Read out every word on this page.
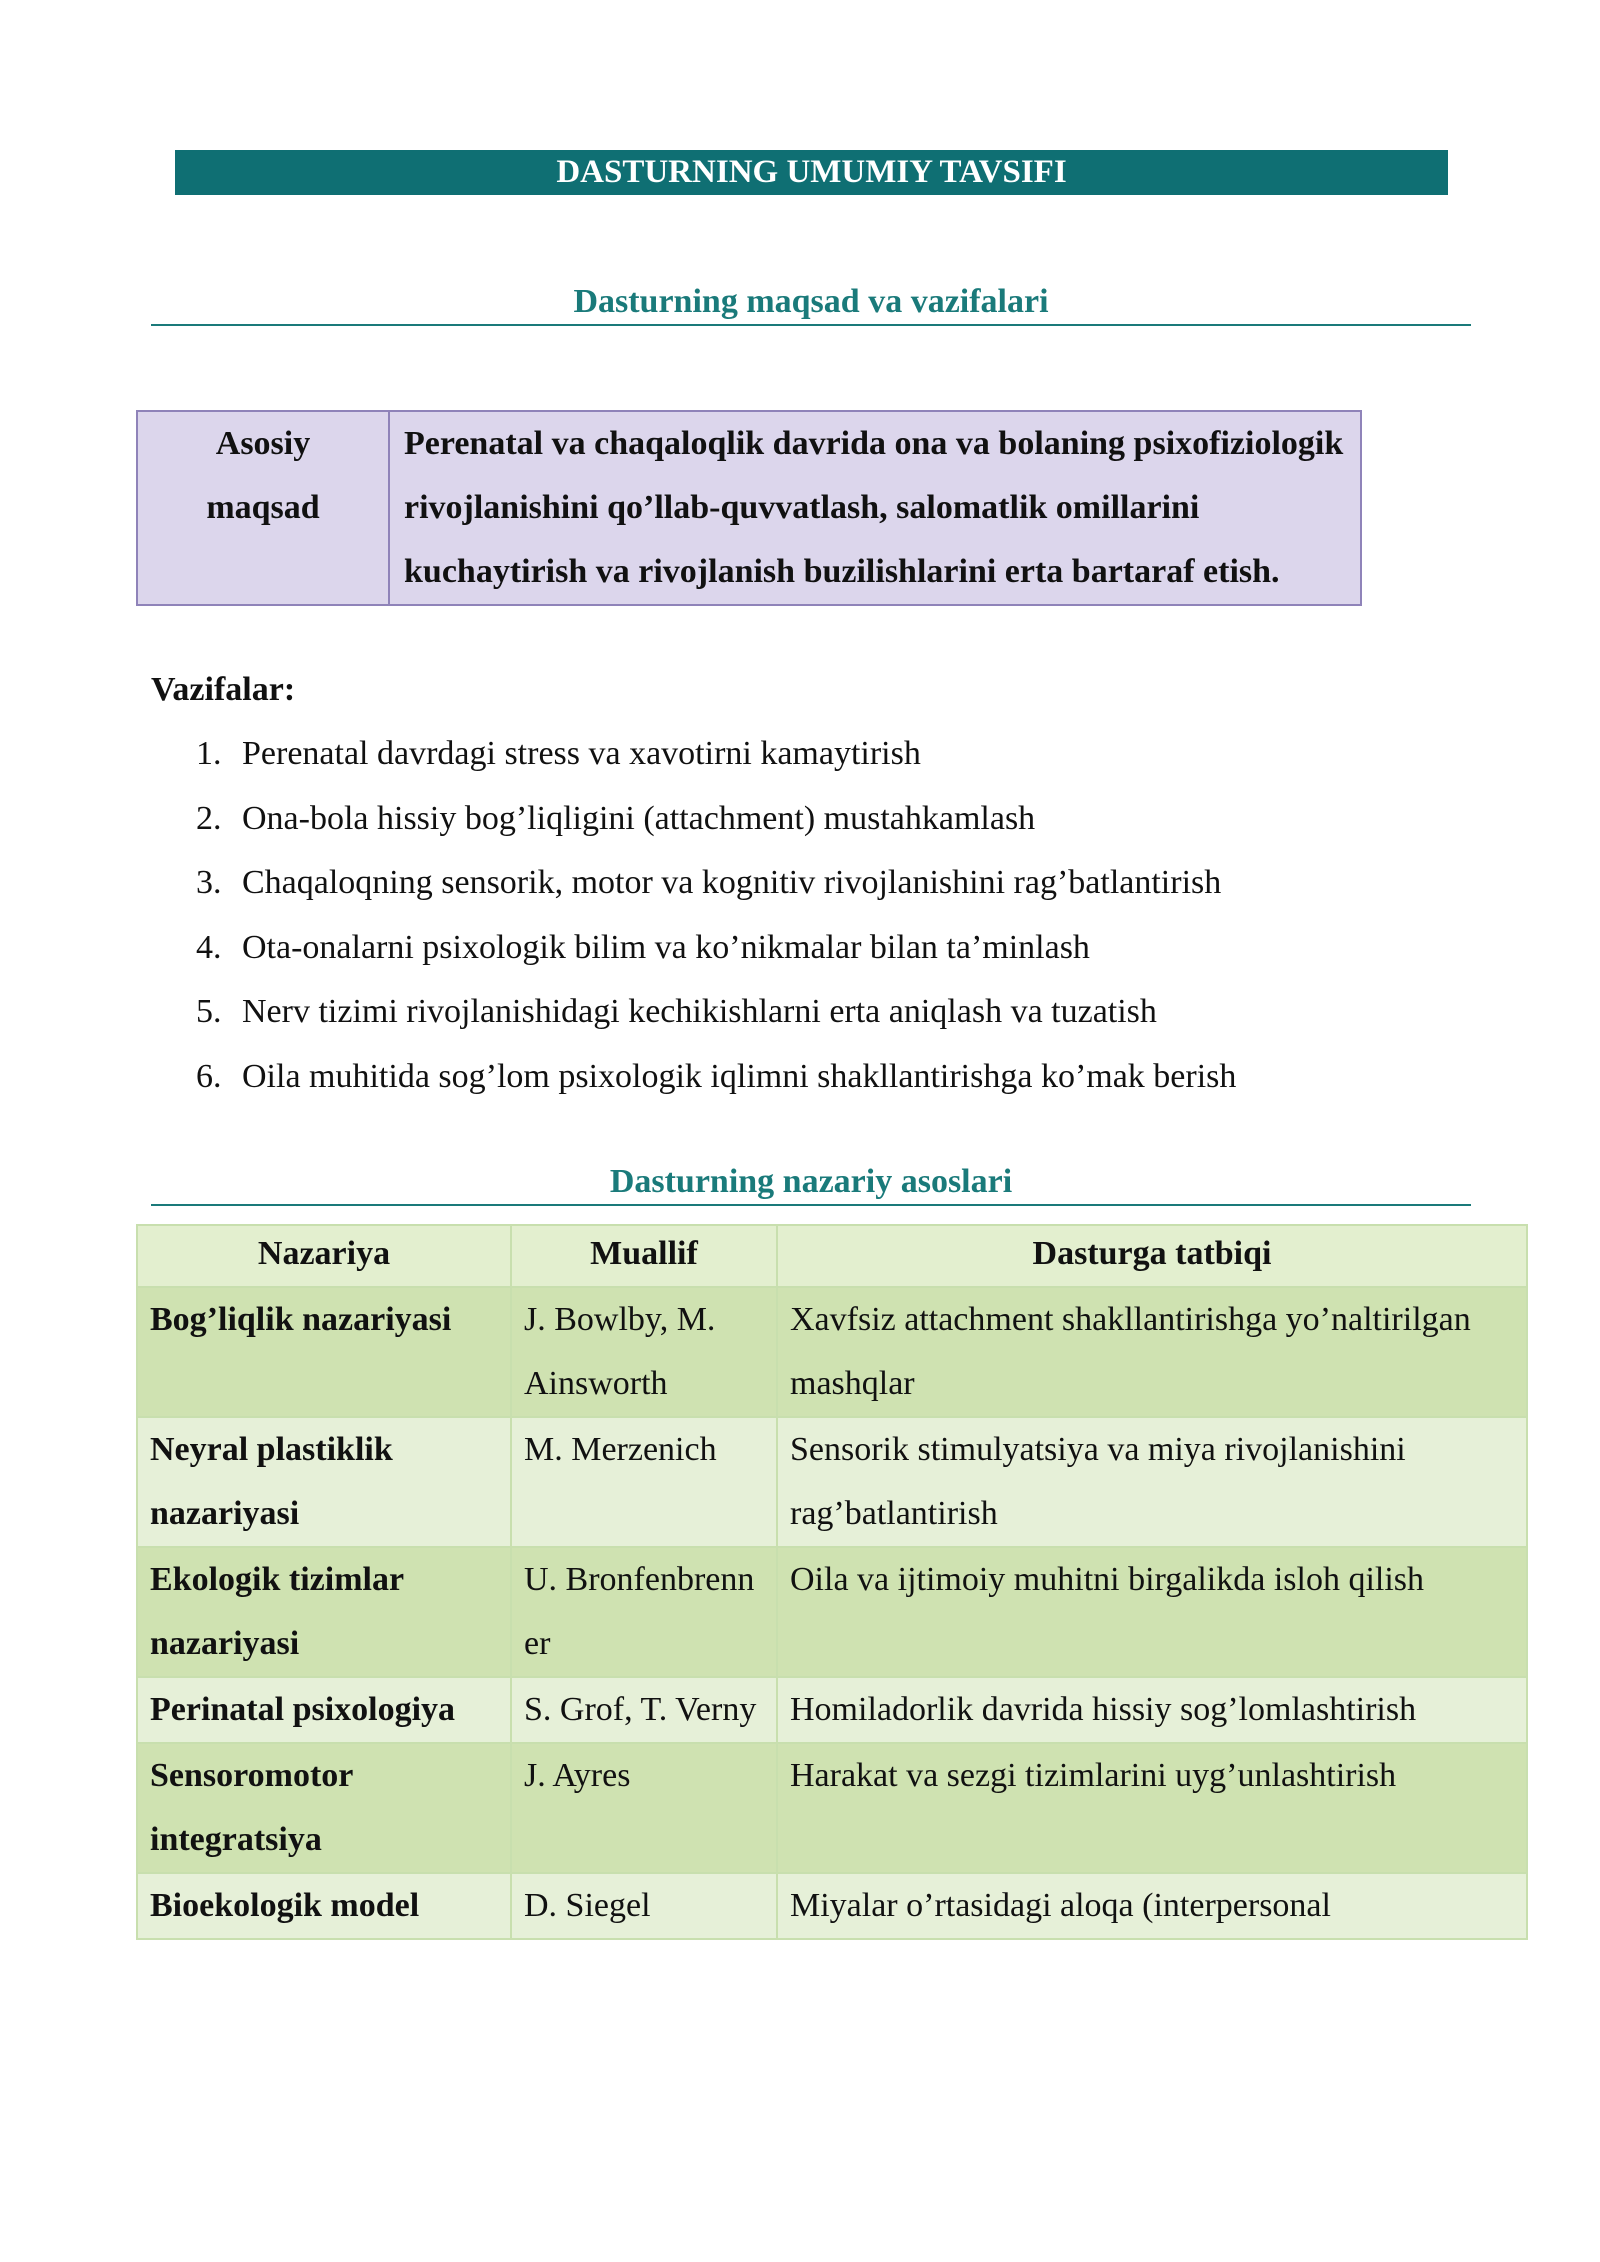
DASTURNING UMUMIY TAVSIFI
Dasturning maqsad va vazifalari
Asosiy
maqsad
	Perenatal va chaqaloqlik davrida ona va bolaning psixofiziologik rivojlanishini qo’llab-quvvatlash, salomatlik omillarini kuchaytirish va rivojlanish buzilishlarini erta bartaraf etish.
Vazifalar:
1. Perenatal davrdagi stress va xavotirni kamaytirish
2. Ona-bola hissiy bog’liqligini (attachment) mustahkamlash
3. Chaqaloqning sensorik, motor va kognitiv rivojlanishini rag’batlantirish
4. Ota-onalarni psixologik bilim va ko’nikmalar bilan ta’minlash
5. Nerv tizimi rivojlanishidagi kechikishlarni erta aniqlash va tuzatish
6. Oila muhitida sog’lom psixologik iqlimni shakllantirishga ko’mak berish
Dasturning nazariy asoslari
Nazariya	Muallif	Dasturga tatbiqi
Bog’liqlik nazariyasi	J. Bowlby, M. Ainsworth	Xavfsiz attachment shakllantirishga yo’naltirilgan mashqlar
Neyral plastiklik nazariyasi	M. Merzenich	Sensorik stimulyatsiya va miya rivojlanishini rag’batlantirish
Ekologik tizimlar nazariyasi	U. Bronfenbrenner	Oila va ijtimoiy muhitni birgalikda isloh qilish
Perinatal psixologiya	S. Grof, T. Verny	Homiladorlik davrida hissiy sog’lomlashtirish
Sensoromotor integratsiya	J. Ayres	Harakat va sezgi tizimlarini uyg’unlashtirish
Bioekologik model	D. Siegel	Miyalar o’rtasidagi aloqa (interpersonal
